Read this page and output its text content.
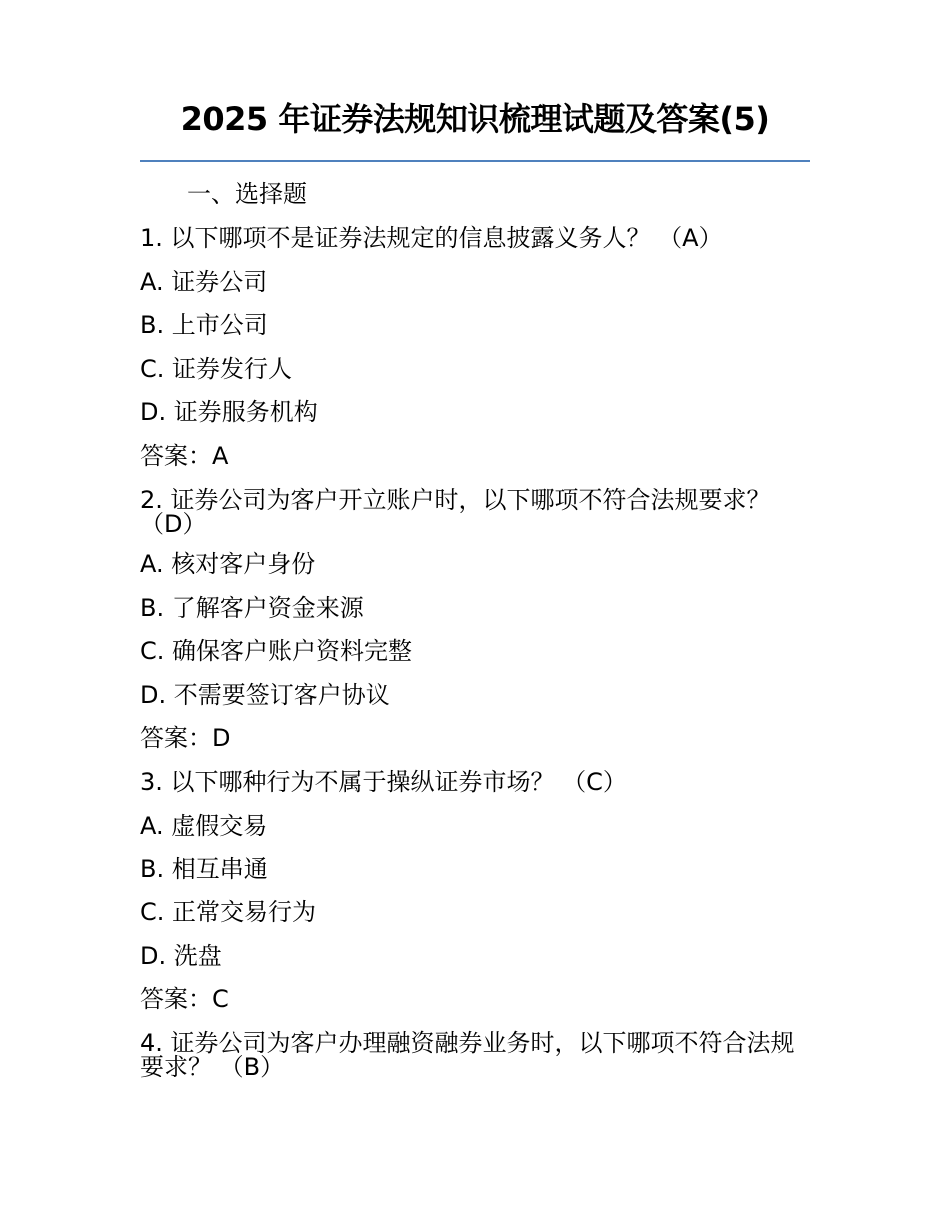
2025 年证券法规知识梳理试题及答案(5)
一、选择题
1. 以下哪项不是证券法规定的信息披露义务人？ （A）
A. 证券公司
B. 上市公司
C. 证券发行人
D. 证券服务机构
答案：A
2. 证券公司为客户开立账户时，以下哪项不符合法规要求？ （D）
A. 核对客户身份
B. 了解客户资金来源
C. 确保客户账户资料完整
D. 不需要签订客户协议
答案：D
3. 以下哪种行为不属于操纵证券市场？ （C）
A. 虚假交易
B. 相互串通
C. 正常交易行为
D. 洗盘
答案：C
4. 证券公司为客户办理融资融券业务时，以下哪项不符合法规要求？ （B）
